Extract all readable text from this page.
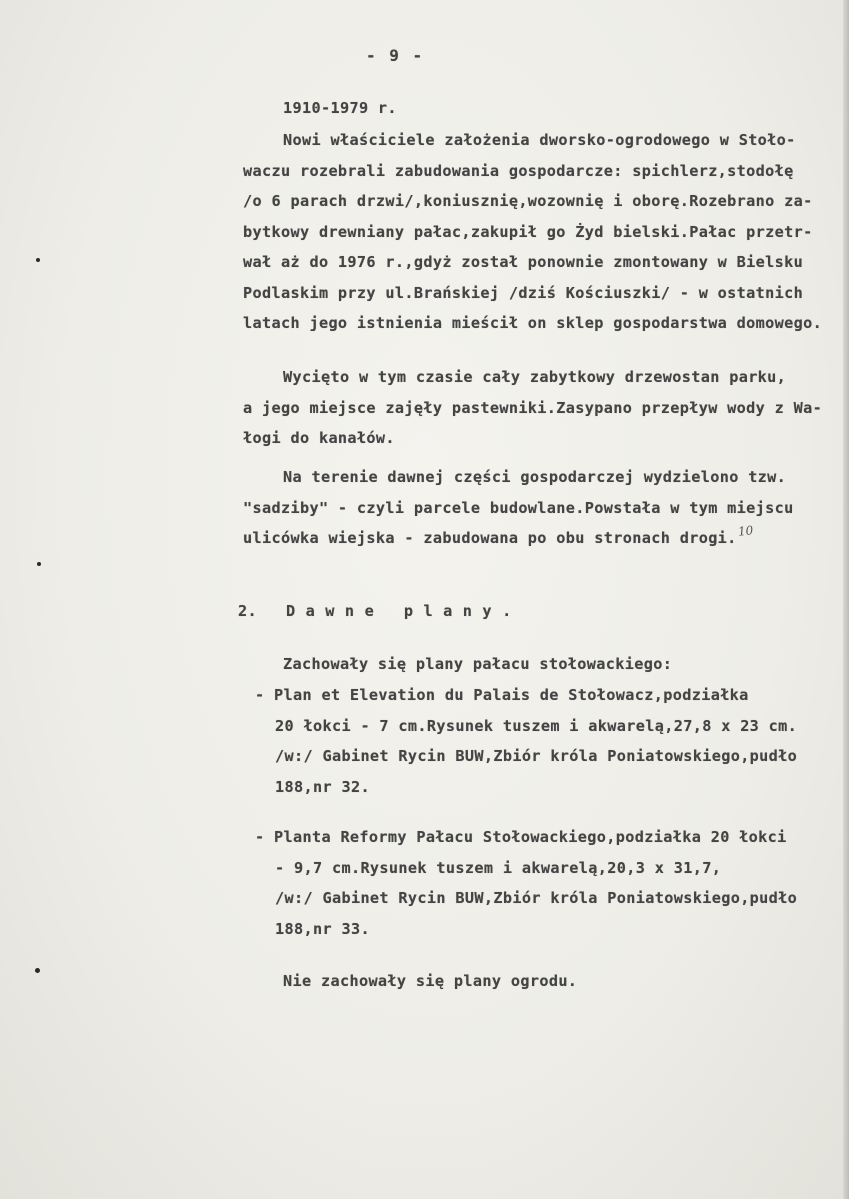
- 9 -
1910-1979 r.
Nowi właściciele założenia dworsko-ogrodowego w Stoło-
waczu rozebrali zabudowania gospodarcze: spichlerz,stodołę
/o 6 parach drzwi/,koniusznię,wozownię i oborę.Rozebrano za-
bytkowy drewniany pałac,zakupił go Żyd bielski.Pałac przetr-
wał aż do 1976 r.,gdyż został ponownie zmontowany w Bielsku
Podlaskim przy ul.Brańskiej /dziś Kościuszki/ - w ostatnich
latach jego istnienia mieścił on sklep gospodarstwa domowego.
Wycięto w tym czasie cały zabytkowy drzewostan parku,
a jego miejsce zajęły pastewniki.Zasypano przepływ wody z Wa-
łogi do kanałów.
Na terenie dawnej części gospodarczej wydzielono tzw.
"sadziby" - czyli parcele budowlane.Powstała w tym miejscu
ulicówka wiejska - zabudowana po obu stronach drogi. 10
2. Dawne plany.
Zachowały się plany pałacu stołowackiego:
- Plan et Elevation du Palais de Stołowacz,podziałka
20 łokci - 7 cm.Rysunek tuszem i akwarelą,27,8 x 23 cm.
/w:/ Gabinet Rycin BUW,Zbiór króla Poniatowskiego,pudło
188,nr 32.
- Planta Reformy Pałacu Stołowackiego,podziałka 20 łokci
- 9,7 cm.Rysunek tuszem i akwarelą,20,3 x 31,7,
/w:/ Gabinet Rycin BUW,Zbiór króla Poniatowskiego,pudło
188,nr 33.
Nie zachowały się plany ogrodu.
